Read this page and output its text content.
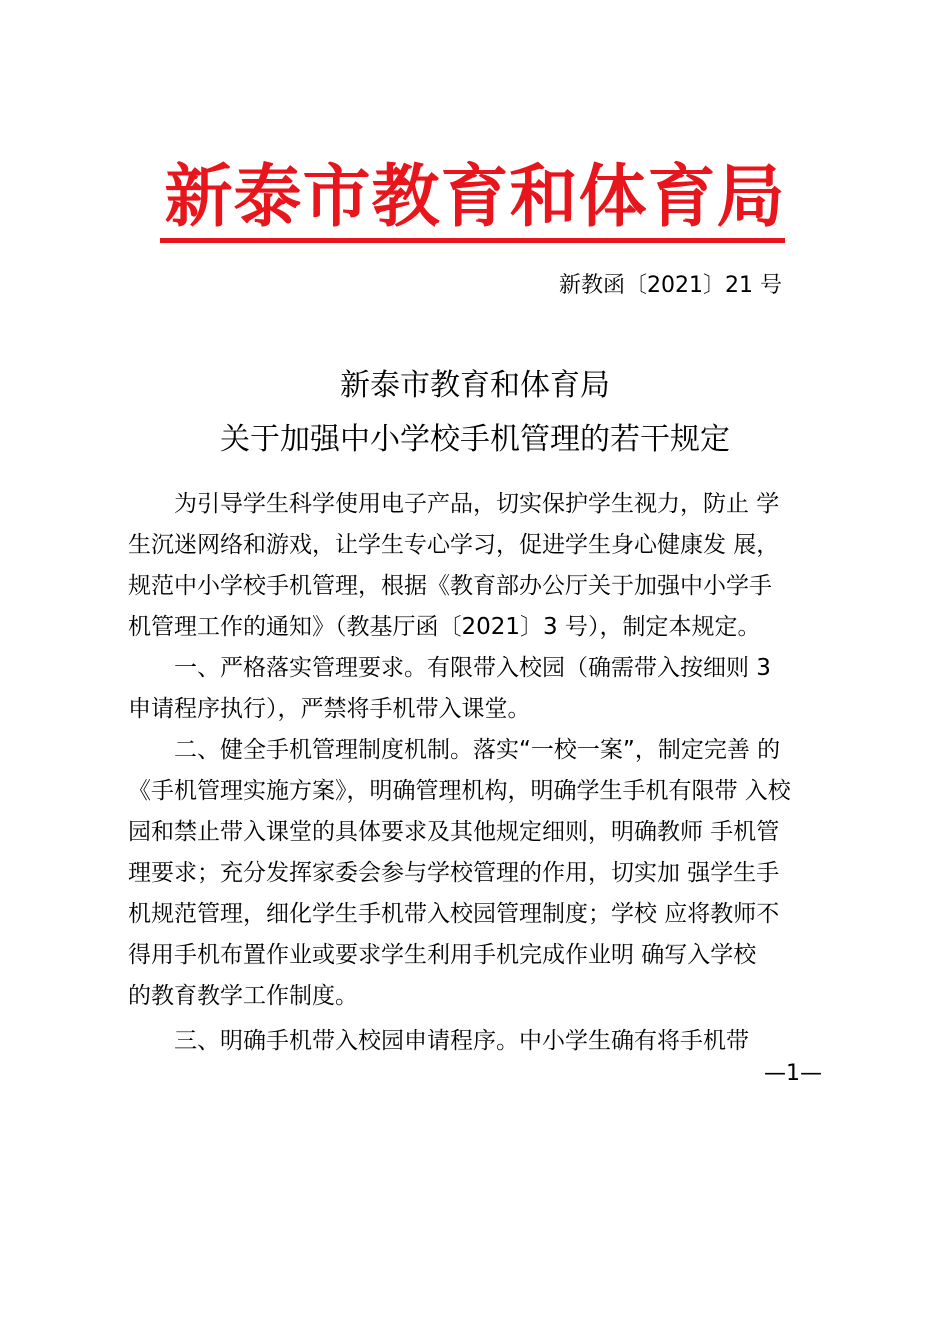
新泰市教育和体育局
新教函〔2021〕21 号
新泰市教育和体育局
关于加强中小学校手机管理的若干规定
为引导学生科学使用电子产品，切实保护学生视力，防止 学
生沉迷网络和游戏，让学生专心学习，促进学生身心健康发 展，
规范中小学校手机管理，根据《教育部办公厅关于加强中小学手
机管理工作的通知》（教基厅函〔2021〕3 号），制定本规定。
一、严格落实管理要求。有限带入校园（确需带入按细则 3
申请程序执行），严禁将手机带入课堂。
二、健全手机管理制度机制。落实“一校一案”，制定完善 的
《手机管理实施方案》，明确管理机构，明确学生手机有限带 入校
园和禁止带入课堂的具体要求及其他规定细则，明确教师 手机管
理要求；充分发挥家委会参与学校管理的作用，切实加 强学生手
机规范管理，细化学生手机带入校园管理制度；学校 应将教师不
得用手机布置作业或要求学生利用手机完成作业明 确写入学校
的教育教学工作制度。
三、明确手机带入校园申请程序。中小学生确有将手机带
—1—
